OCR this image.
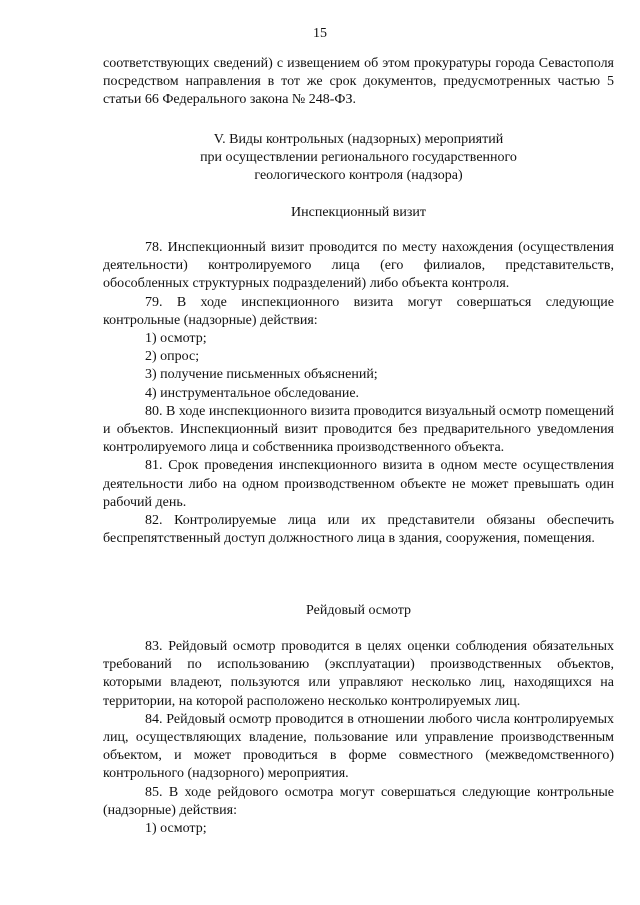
15

соответствующих сведений) с извещением об этом прокуратуры города Севастополя посредством направления в тот же срок документов, предусмотренных частью 5 статьи 66 Федерального закона № 248-ФЗ.

V. Виды контрольных (надзорных) мероприятий

при осуществлении регионального государственного

геологического контроля (надзора)

Инспекционный визит

78. Инспекционный визит проводится по месту нахождения (осуществления деятельности) контролируемого лица (его филиалов, представительств, обособленных структурных подразделений) либо объекта контроля.

79. В ходе инспекционного визита могут совершаться следующие контрольные (надзорные) действия:

1) осмотр;

2) опрос;

3) получение письменных объяснений;

4) инструментальное обследование.

80. В ходе инспекционного визита проводится визуальный осмотр помещений и объектов. Инспекционный визит проводится без предварительного уведомления контролируемого лица и собственника производственного объекта.

81. Срок проведения инспекционного визита в одном месте осуществления деятельности либо на одном производственном объекте не может превышать один рабочий день.

82. Контролируемые лица или их представители обязаны обеспечить беспрепятственный доступ должностного лица в здания, сооружения, помещения.

Рейдовый осмотр

83. Рейдовый осмотр проводится в целях оценки соблюдения обязательных требований по использованию (эксплуатации) производственных объектов, которыми владеют, пользуются или управляют несколько лиц, находящихся на территории, на которой расположено несколько контролируемых лиц.

84. Рейдовый осмотр проводится в отношении любого числа контролируемых лиц, осуществляющих владение, пользование или управление производственным объектом, и может проводиться в форме совместного (межведомственного) контрольного (надзорного) мероприятия.

85. В ходе рейдового осмотра могут совершаться следующие контрольные (надзорные) действия:

1) осмотр;
